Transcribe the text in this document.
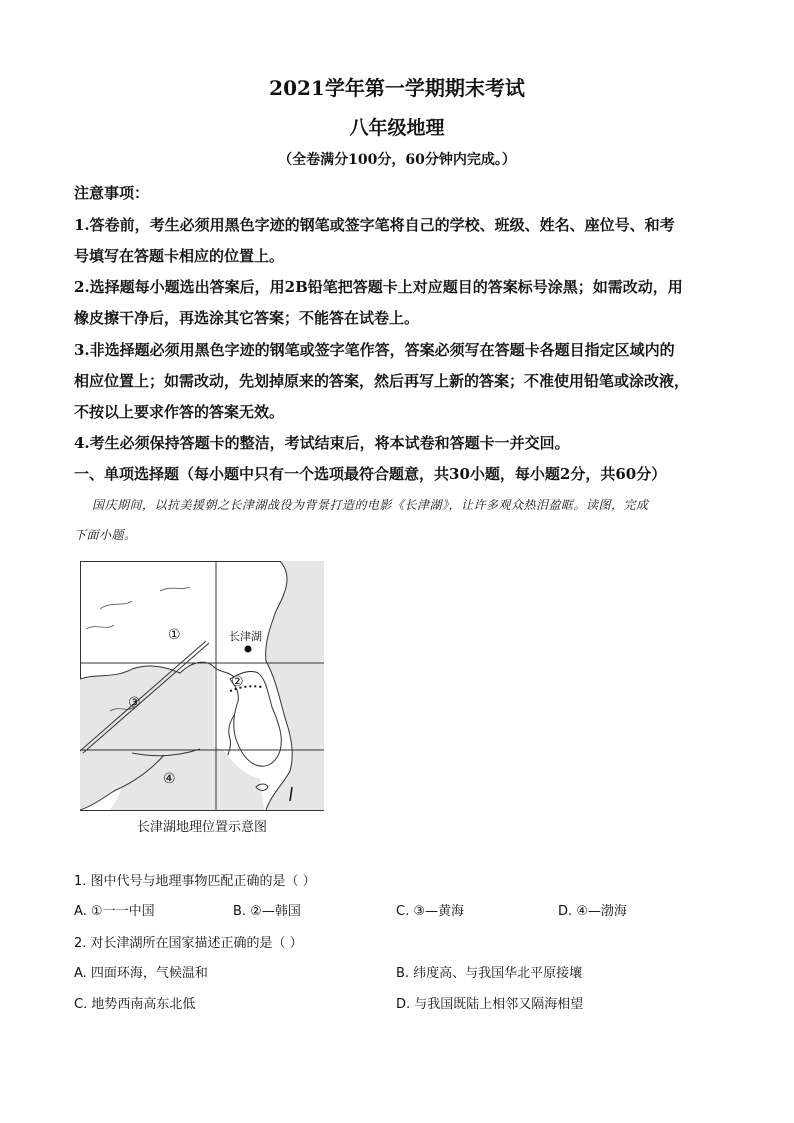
2021学年第一学期期末考试
八年级地理
（全卷满分100分，60分钟内完成。）
注意事项：
1.答卷前，考生必须用黑色字迹的钢笔或签字笔将自己的学校、班级、姓名、座位号、和考
号填写在答题卡相应的位置上。
2.选择题每小题选出答案后，用2B铅笔把答题卡上对应题目的答案标号涂黑；如需改动，用
橡皮擦干净后，再选涂其它答案；不能答在试卷上。
3.非选择题必须用黑色字迹的钢笔或签字笔作答，答案必须写在答题卡各题目指定区域内的
相应位置上；如需改动，先划掉原来的答案，然后再写上新的答案；不准使用铅笔或涂改液，
不按以上要求作答的答案无效。
4.考生必须保持答题卡的整洁，考试结束后，将本试卷和答题卡一并交回。
一、单项选择题（每小题中只有一个选项最符合题意，共30小题，每小题2分，共60分）
国庆期间，以抗美援朝之长津湖战役为背景打造的电影《长津湖》，让许多观众热泪盈眶。读图，完成
下面小题。
长津湖
①
②
③
④
长津湖地理位置示意图
1. 图中代号与地理事物匹配正确的是（ ）
A. ①一一中国	B. ②—韩国	C. ③—黄海	D. ④—渤海
2. 对长津湖所在国家描述正确的是（ ）
A. 四面环海，气候温和	B. 纬度高、与我国华北平原接壤
C. 地势西南高东北低	D. 与我国既陆上相邻又隔海相望
